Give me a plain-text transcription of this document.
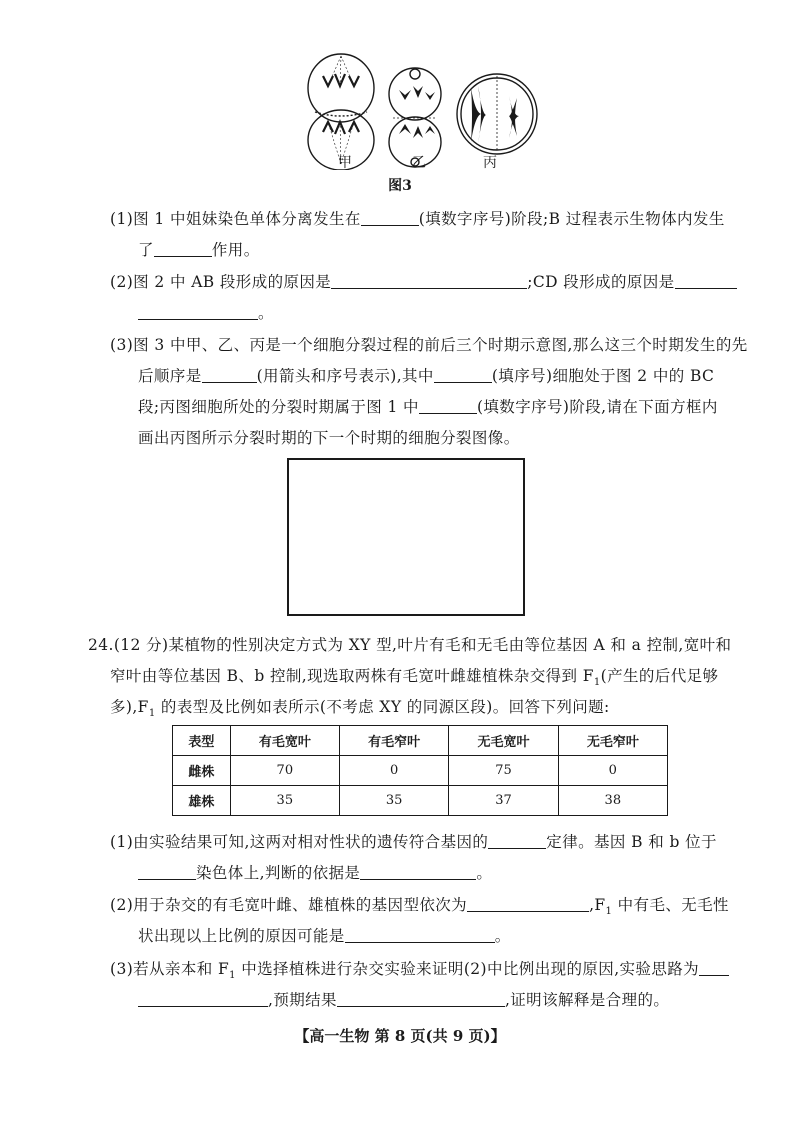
甲	乙	丙
图3
(1)图 1 中姐妹染色单体分离发生在	(填数字序号)阶段;B 过程表示生物体内发生
了	作用。
(2)图 2 中 AB 段形成的原因是	;CD 段形成的原因是
。
(3)图 3 中甲、乙、丙是一个细胞分裂过程的前后三个时期示意图,那么这三个时期发生的先
后顺序是	(用箭头和序号表示),其中	(填序号)细胞处于图 2 中的 BC
段;丙图细胞所处的分裂时期属于图 1 中	(填数字序号)阶段,请在下面方框内
画出丙图所示分裂时期的下一个时期的细胞分裂图像。
24.(12 分)某植物的性别决定方式为 XY 型,叶片有毛和无毛由等位基因 A 和 a 控制,宽叶和
窄叶由等位基因 B、b 控制,现选取两株有毛宽叶雌雄植株杂交得到 $F_1$(产生的后代足够
多)$,F_1$ 的表型及比例如表所示(不考虑 XY 的同源区段)。回答下列问题:
表型	有毛宽叶	有毛窄叶	无毛宽叶	无毛窄叶
雌株	70	0	75	0
雄株	35	35	37	38
(1)由实验结果可知,这两对相对性状的遗传符合基因的	定律。基因 B 和 b 位于
染色体上,判断的依据是	。
(2)用于杂交的有毛宽叶雌、雄植株的基因型依次为	$,F_1$ 中有毛、无毛性
状出现以上比例的原因可能是	。
(3)若从亲本和 $F_1$ 中选择植株进行杂交实验来证明(2)中比例出现的原因,实验思路为
,预期结果	,证明该解释是合理的。
【高一生物 第 8 页(共 9 页)】
